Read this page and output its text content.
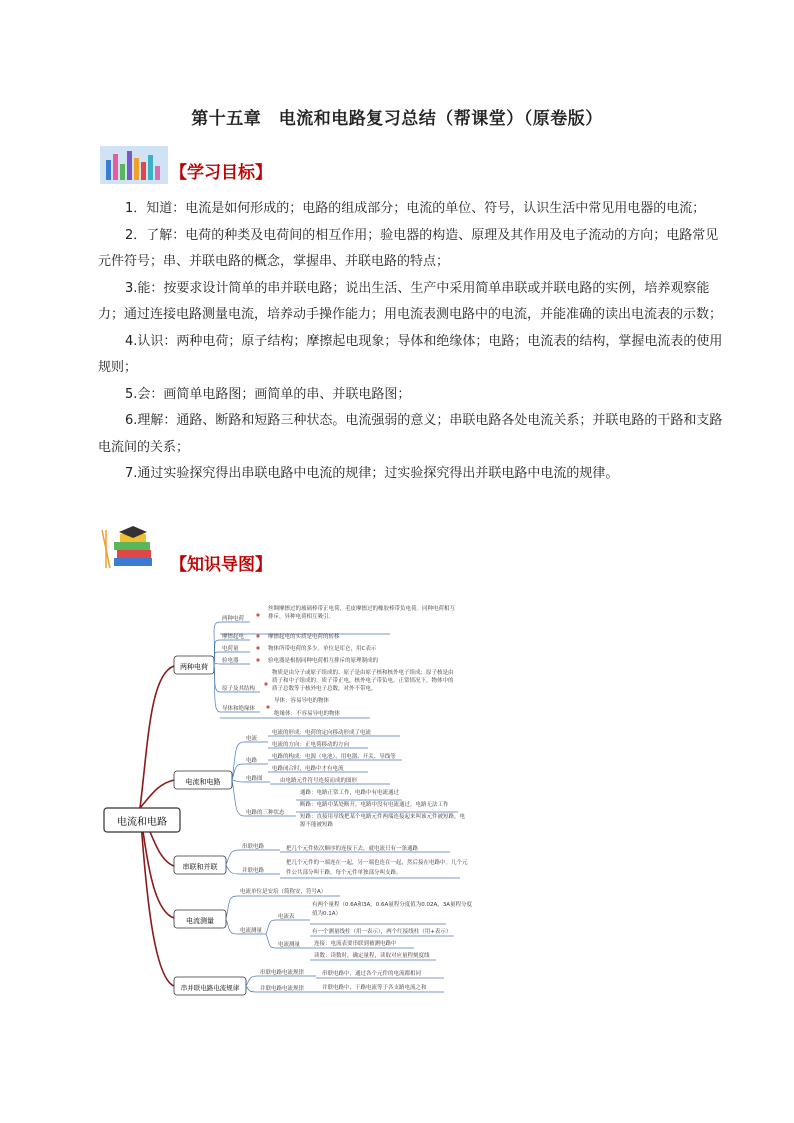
第十五章　电流和电路复习总结（帮课堂）（原卷版）
【学习目标】

1．知道：电流是如何形成的；电路的组成部分；电流的单位、符号，认识生活中常见用电器的电流；

2．了解：电荷的种类及电荷间的相互作用；验电器的构造、原理及其作用及电子流动的方向；电路常见元件符号；串、并联电路的概念，掌握串、并联电路的特点；

3.能：按要求设计简单的串并联电路；说出生活、生产中采用简单串联或并联电路的实例，培养观察能力；通过连接电路测量电流，培养动手操作能力；用电流表测电路中的电流，并能准确的读出电流表的示数；

4.认识：两种电荷；原子结构；摩擦起电现象；导体和绝缘体；电路；电流表的结构，掌握电流表的使用规则；

5.会：画简单电路图；画简单的串、并联电路图；

6.理解：通路、断路和短路三种状态。电流强弱的意义；串联电路各处电流关系；并联电路的干路和支路电流间的关系；

7.通过实验探究得出串联电路中电流的规律；过实验探究得出并联电路中电流的规律。

【知识导图】
电流和电路
两种电荷
两种电荷
丝绸摩擦过的玻璃棒带正电荷，毛皮摩擦过的橡胶棒带负电荷。同种电荷相互
排斥，异种电荷相互吸引。
摩擦起电	摩擦起电的实质是电荷的转移
电荷量	物体所带电荷的多少。单位是库仑，用C表示
验电器	验电器是根据同种电荷相互排斥的原理制成的
原子及其结构
物质是由分子或原子组成的。原子是由原子核和核外电子组成；原子核是由
质子和中子组成的。质子带正电，核外电子带负电。正常情况下，物体中的
质子总数等于核外电子总数，对外不带电。
导体和绝缘体
导体：容易导电的物体
绝缘体：不容易导电的物体
电流和电路
电流
电流的形成：电荷的定向移动形成了电流
电流的方向：正电荷移动的方向
电路
电路的构成：电源（电池）、用电器、开关、导线等
电路闭合时，电路中才有电流
电路图	由电路元件符号连接而成的图形
电路的三种状态
通路：电路正常工作，电路中有电流通过
断路：电路中某处断开，电路中没有电流通过，电路无法工作
短路：直接用导线把某个电路元件两端连接起来叫该元件被短路。电
源不能被短路
串联和并联
串联电路	把几个元件依次顺序的连接下去，就电流只有一条通路
并联电路
把几个元件的一端连在一起，另一端也连在一起，然后接在电路中。几个元
件公共部分叫干路，每个元件单独部分叫支路。
电流测量
电流单位是安培（简称安，符号A）
电流测量
电流表
有两个量程（0.6A和3A，0.6A量程分度值为0.02A，3A量程分度
值为0.1A）
有一个测量线柱（用一表示），两个红接线柱（用+表示）
电流测量	连接：电流表要串联到被测电路中
读数：读数时，确定量程，读取对应量程刻度线
串并联电路电流规律
串联电路电流规律	串联电路中，通过各个元件的电流都相同
并联电路电流规律	并联电路中，干路电流等于各支路电流之和
